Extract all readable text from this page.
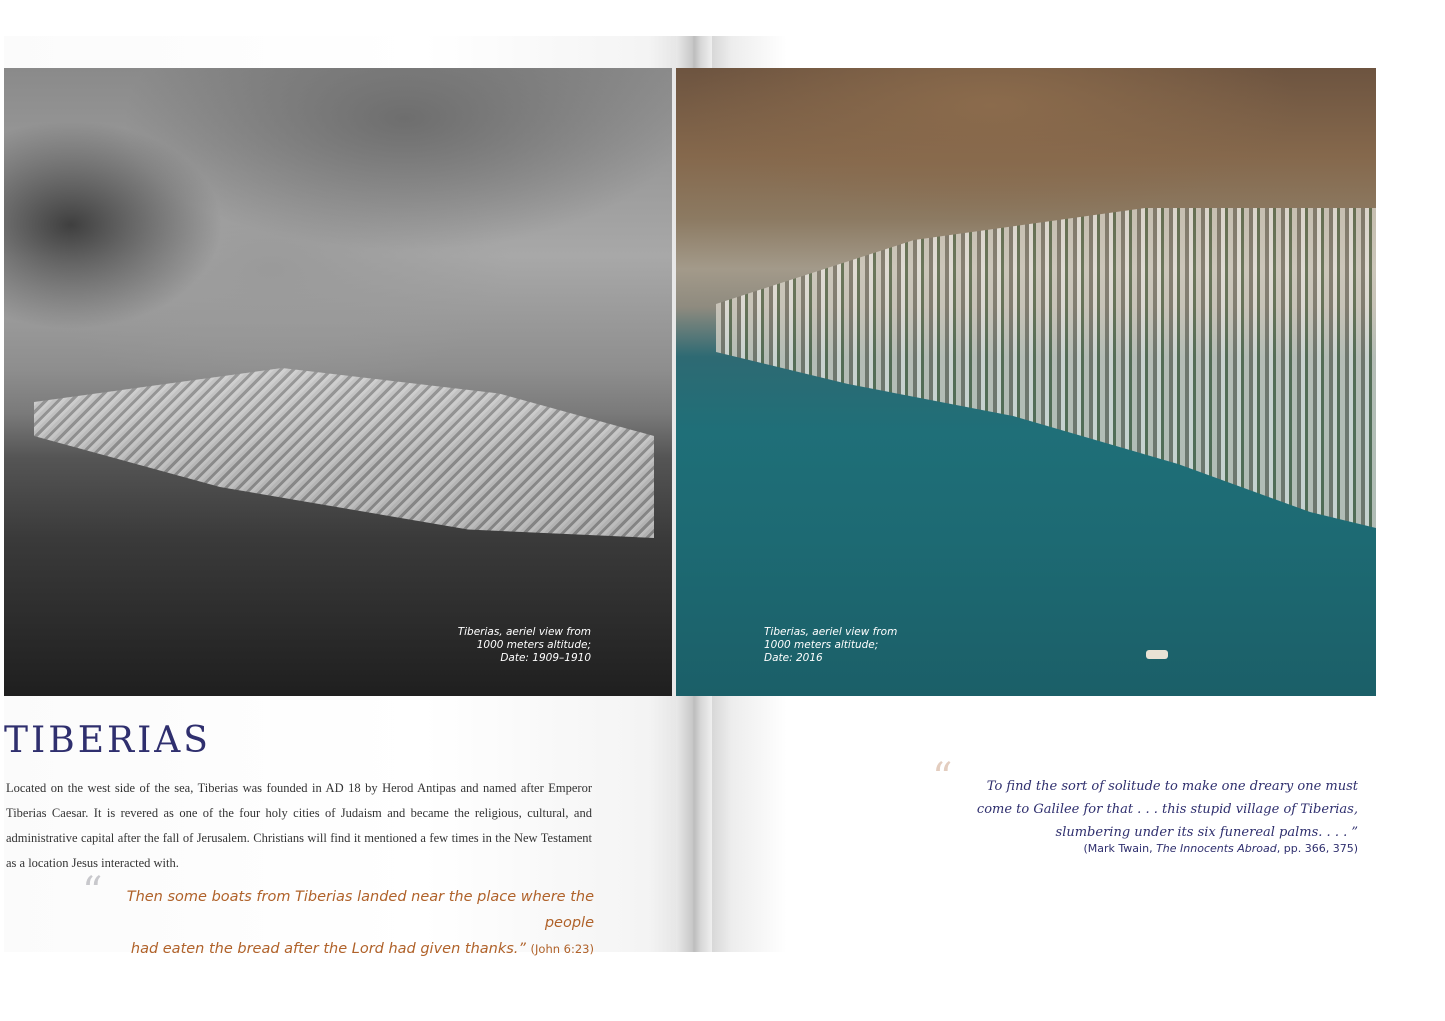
Tiberias, aeriel view from
1000 meters altitude;
Date: 1909–1910
Tiberias, aeriel view from
1000 meters altitude;
Date: 2016
TIBERIAS

Located on the west side of the sea, Tiberias was founded in AD 18 by Herod Antipas and named after Emperor Tiberias Caesar. It is revered as one of the four holy cities of Judaism and became the religious, cultural, and administrative capital after the fall of Jerusalem. Christians will find it mentioned a few times in the New Testament as a location Jesus interacted with.

“	Then some boats from Tiberias landed near the place where the people
had eaten the bread after the Lord had given thanks.” (John 6:23)
“	To find the sort of solitude to make one dreary one must
come to Galilee for that . . . this stupid village of Tiberias,
slumbering under its six funereal palms. . . . ”
(Mark Twain, The Innocents Abroad, pp. 366, 375)
